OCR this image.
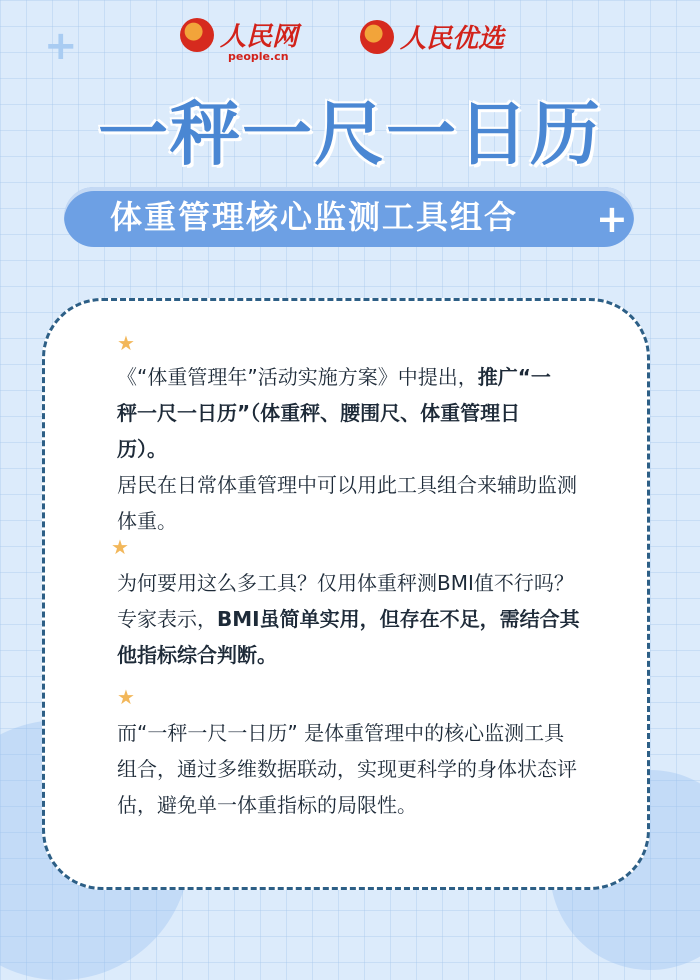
+	人民网
people.cn
人民优选
一秤一尺一日历
体重管理核心监测工具组合 +
★
《“体重管理年”活动实施方案》中提出，推广“一
秤一尺一日历”（体重秤、腰围尺、体重管理日
历）。
居民在日常体重管理中可以用此工具组合来辅助监测
体重。
★
为何要用这么多工具？仅用体重秤测BMI值不行吗？
专家表示，BMI虽简单实用，但存在不足，需结合其
他指标综合判断。
★
而“一秤一尺一日历” 是体重管理中的核心监测工具
组合，通过多维数据联动，实现更科学的身体状态评
估，避免单一体重指标的局限性。
